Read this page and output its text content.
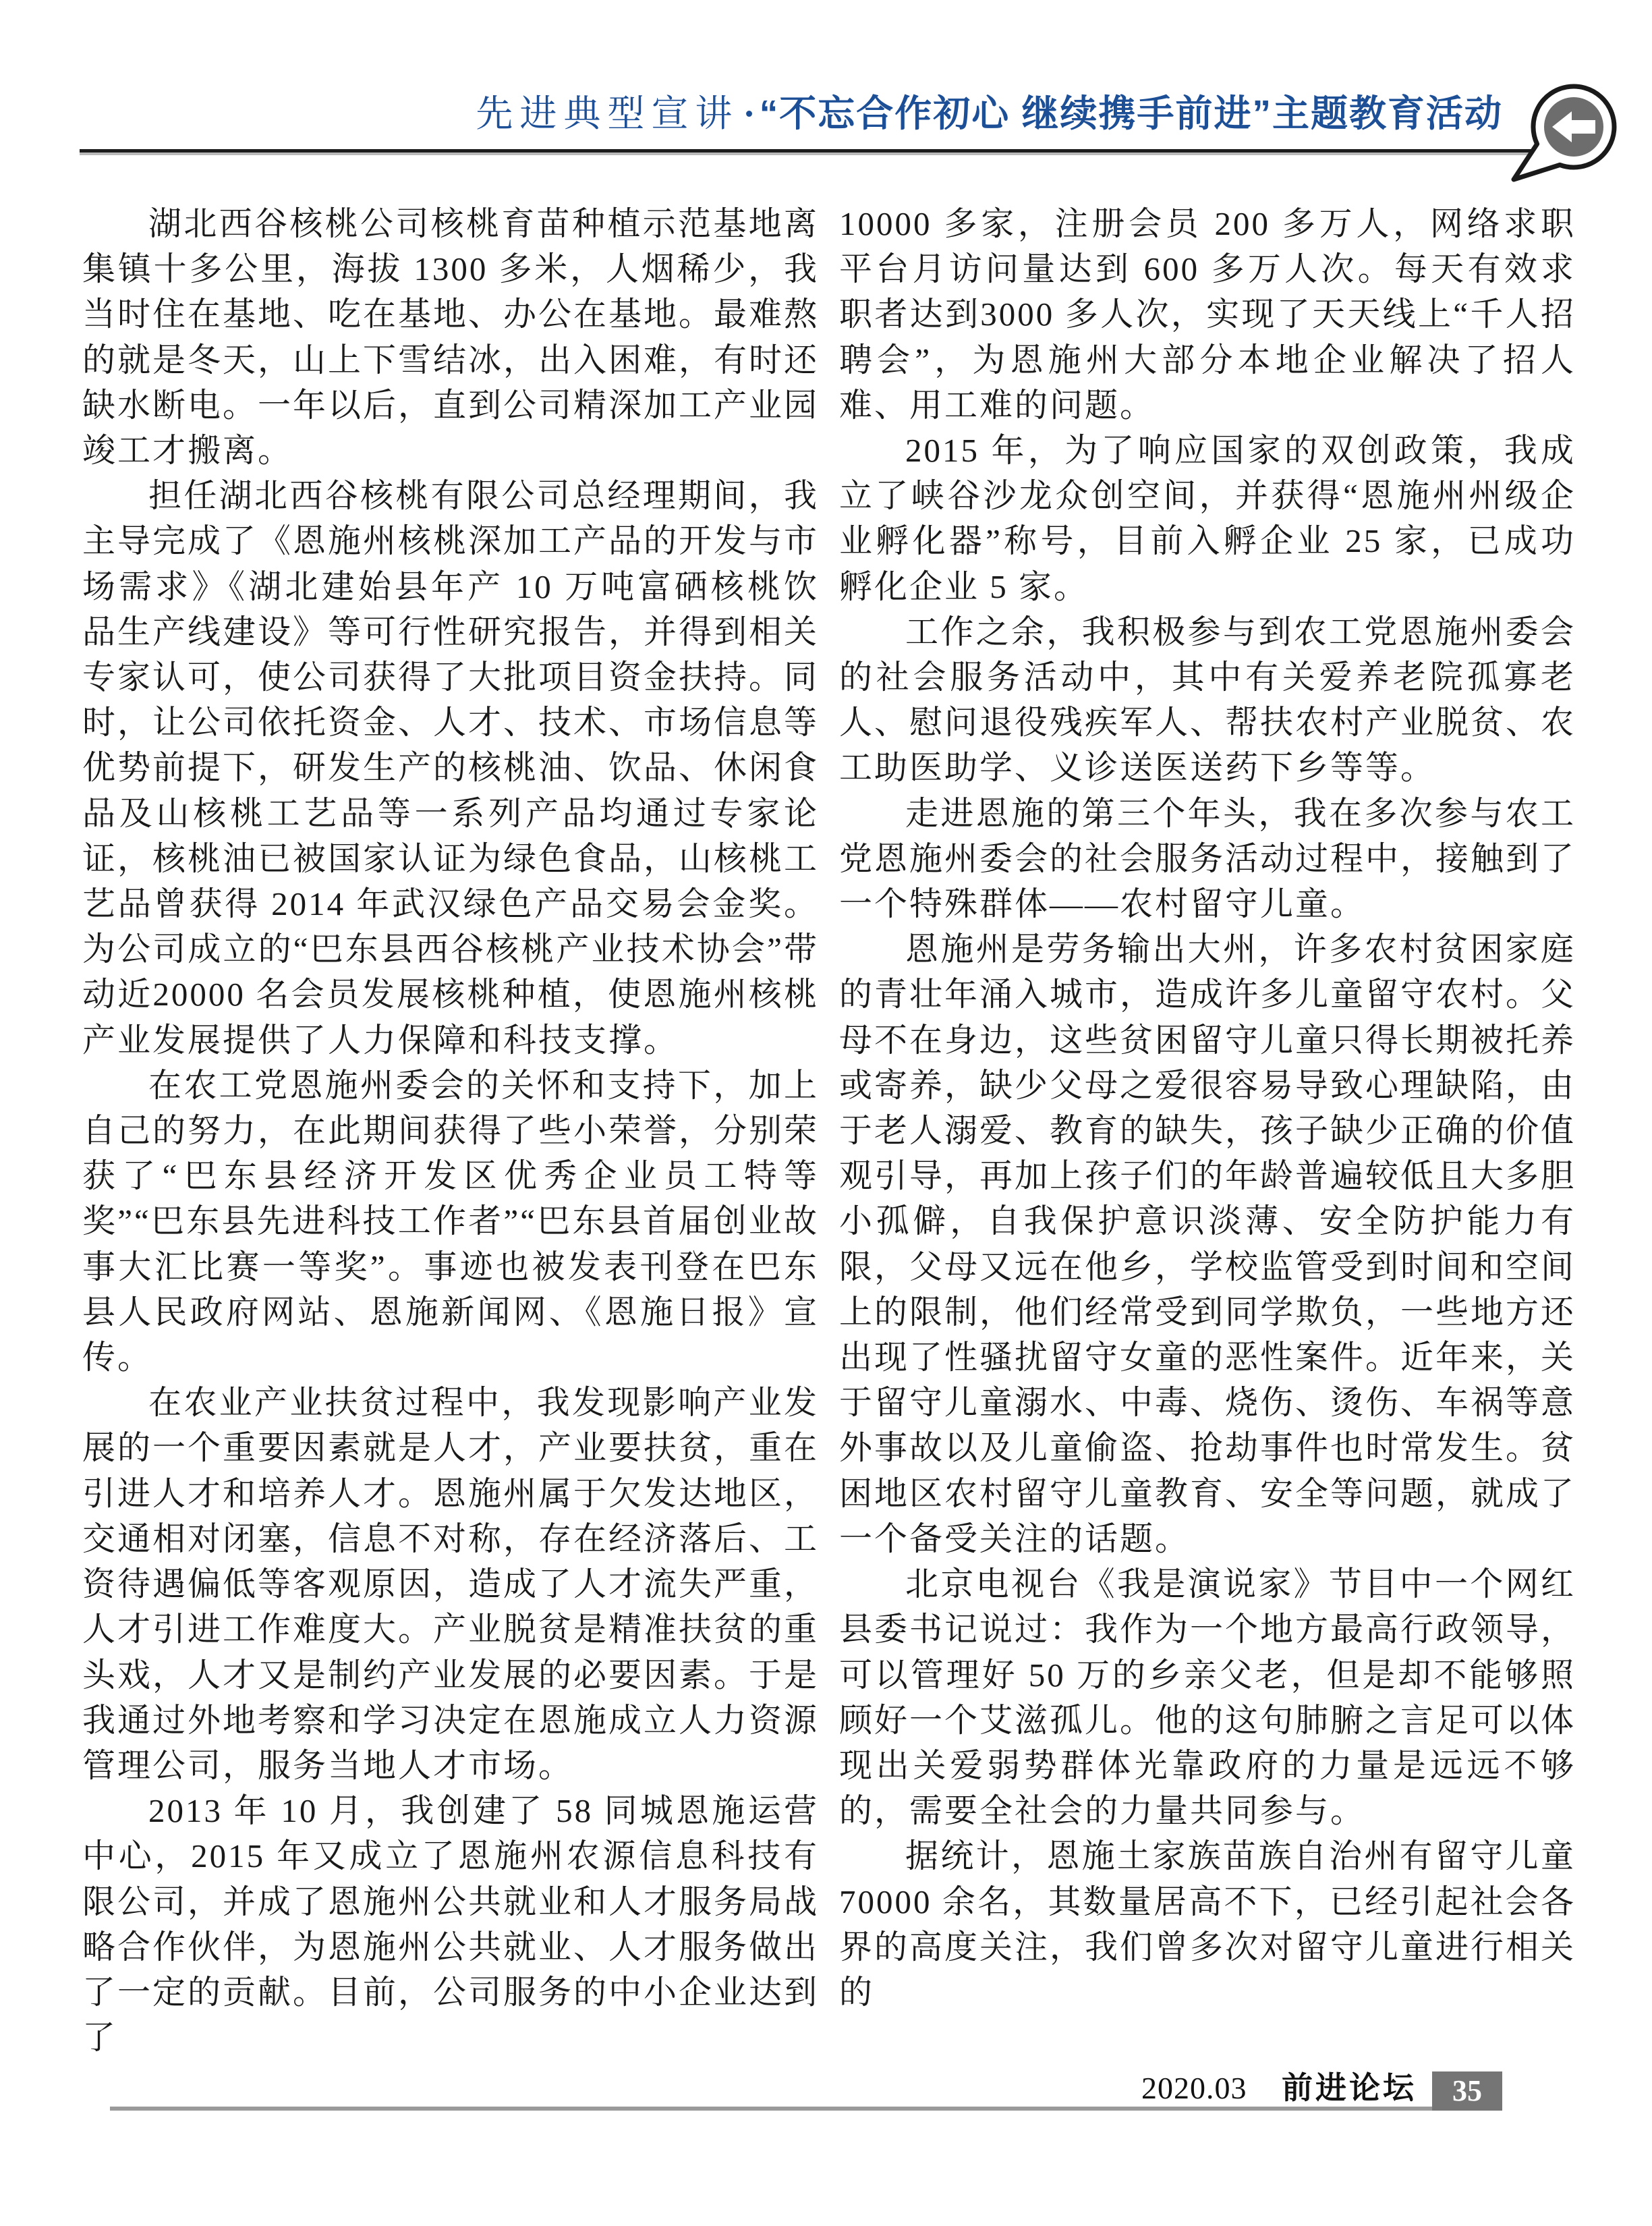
先进典型宣讲 · “不忘合作初心 继续携手前进”主题教育活动

湖北西谷核桃公司核桃育苗种植示范基地离集镇十多公里，海拔 1300 多米，人烟稀少，我当时住在基地、吃在基地、办公在基地。最难熬的就是冬天，山上下雪结冰，出入困难，有时还缺水断电。一年以后，直到公司精深加工产业园竣工才搬离。

担任湖北西谷核桃有限公司总经理期间，我主导完成了《恩施州核桃深加工产品的开发与市场需求》《湖北建始县年产 10 万吨富硒核桃饮品生产线建设》等可行性研究报告，并得到相关专家认可，使公司获得了大批项目资金扶持。同时，让公司依托资金、人才、技术、市场信息等优势前提下，研发生产的核桃油、饮品、休闲食品及山核桃工艺品等一系列产品均通过专家论证，核桃油已被国家认证为绿色食品，山核桃工艺品曾获得 2014 年武汉绿色产品交易会金奖。为公司成立的“巴东县西谷核桃产业技术协会”带动近20000 名会员发展核桃种植，使恩施州核桃产业发展提供了人力保障和科技支撑。

在农工党恩施州委会的关怀和支持下，加上自己的努力，在此期间获得了些小荣誉，分别荣获了“巴东县经济开发区优秀企业员工特等奖”“巴东县先进科技工作者”“巴东县首届创业故事大汇比赛一等奖”。事迹也被发表刊登在巴东县人民政府网站、恩施新闻网、《恩施日报》宣传。

在农业产业扶贫过程中，我发现影响产业发展的一个重要因素就是人才，产业要扶贫，重在引进人才和培养人才。恩施州属于欠发达地区，交通相对闭塞，信息不对称，存在经济落后、工资待遇偏低等客观原因，造成了人才流失严重，人才引进工作难度大。产业脱贫是精准扶贫的重头戏，人才又是制约产业发展的必要因素。于是我通过外地考察和学习决定在恩施成立人力资源管理公司，服务当地人才市场。

2013 年 10 月，我创建了 58 同城恩施运营中心，2015 年又成立了恩施州农源信息科技有限公司，并成了恩施州公共就业和人才服务局战略合作伙伴，为恩施州公共就业、人才服务做出了一定的贡献。目前，公司服务的中小企业达到了

10000 多家，注册会员 200 多万人，网络求职平台月访问量达到 600 多万人次。每天有效求职者达到3000 多人次，实现了天天线上“千人招聘会”，为恩施州大部分本地企业解决了招人难、用工难的问题。

2015 年，为了响应国家的双创政策，我成立了峡谷沙龙众创空间，并获得“恩施州州级企业孵化器”称号，目前入孵企业 25 家，已成功孵化企业 5 家。

工作之余，我积极参与到农工党恩施州委会的社会服务活动中，其中有关爱养老院孤寡老人、慰问退役残疾军人、帮扶农村产业脱贫、农工助医助学、义诊送医送药下乡等等。

走进恩施的第三个年头，我在多次参与农工党恩施州委会的社会服务活动过程中，接触到了一个特殊群体——农村留守儿童。

恩施州是劳务输出大州，许多农村贫困家庭的青壮年涌入城市，造成许多儿童留守农村。父母不在身边，这些贫困留守儿童只得长期被托养或寄养，缺少父母之爱很容易导致心理缺陷，由于老人溺爱、教育的缺失，孩子缺少正确的价值观引导，再加上孩子们的年龄普遍较低且大多胆小孤僻，自我保护意识淡薄、安全防护能力有限，父母又远在他乡，学校监管受到时间和空间上的限制，他们经常受到同学欺负，一些地方还出现了性骚扰留守女童的恶性案件。近年来，关于留守儿童溺水、中毒、烧伤、烫伤、车祸等意外事故以及儿童偷盗、抢劫事件也时常发生。贫困地区农村留守儿童教育、安全等问题，就成了一个备受关注的话题。

北京电视台《我是演说家》节目中一个网红县委书记说过：我作为一个地方最高行政领导，可以管理好 50 万的乡亲父老，但是却不能够照顾好一个艾滋孤儿。他的这句肺腑之言足可以体现出关爱弱势群体光靠政府的力量是远远不够的，需要全社会的力量共同参与。

据统计，恩施土家族苗族自治州有留守儿童70000 余名，其数量居高不下，已经引起社会各界的高度关注，我们曾多次对留守儿童进行相关的

2020.03 前进论坛	35
